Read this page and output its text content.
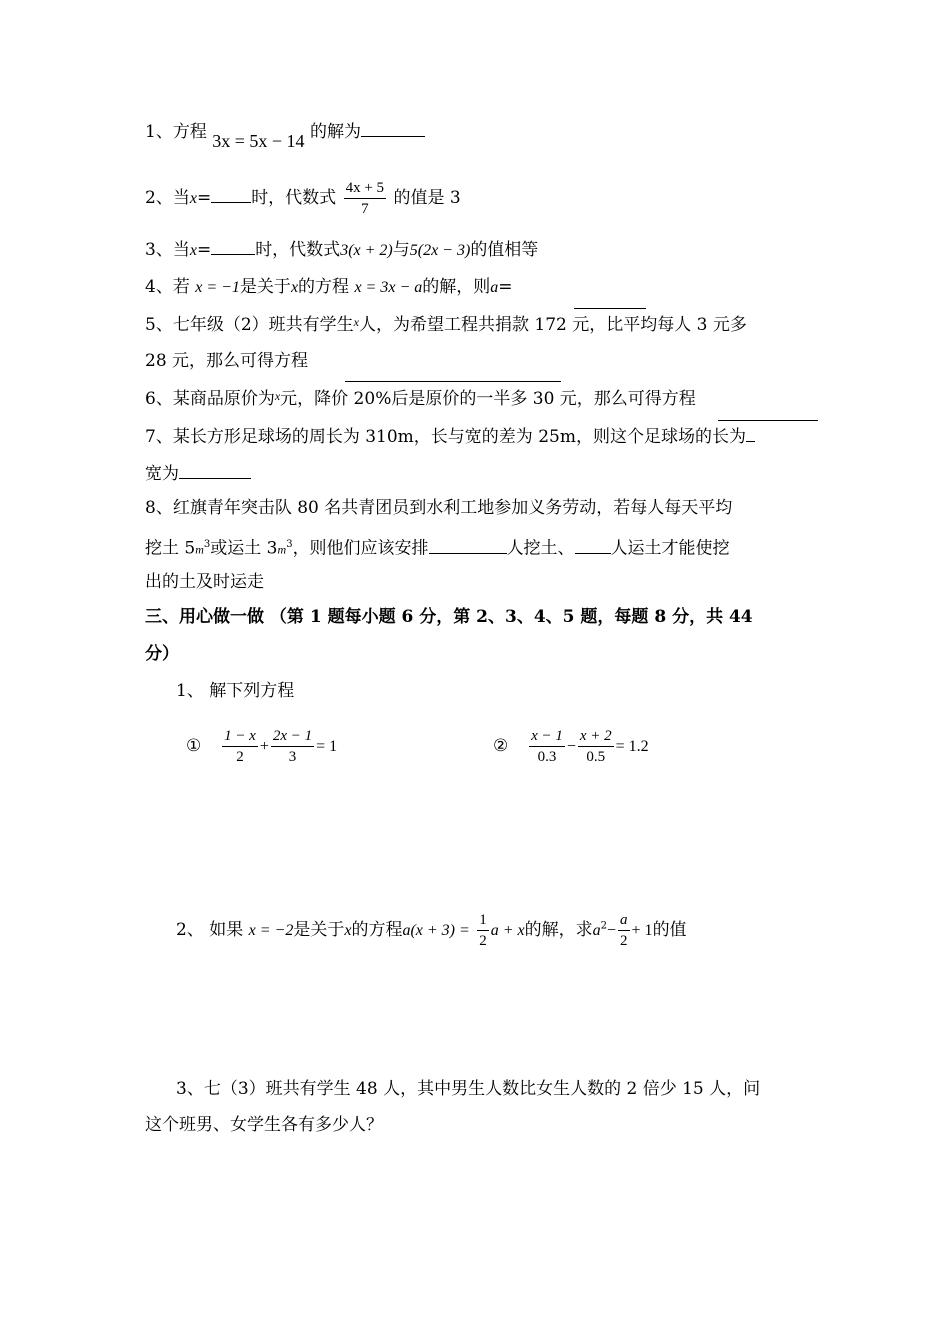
1、方程 3x = 5x − 14 的解为
2、当x= 时，代数式 $\frac{4x + 5}{7}$ 的值是 3
3、当x=	时，代数式3(x + 2)与5(2x − 3)的值相等
4、若 x = −1是关于x的方程 x = 3x − a的解，则a=
5、七年级（2）班共有学生$^x$人，为希望工程共捐款 172 元，比平均每人 3 元多
28 元，那么可得方程
6、某商品原价为$^x$元，降价 20%后是原价的一半多 30 元，那么可得方程
7、某长方形足球场的周长为 310m，长与宽的差为 25m，则这个足球场的长为
宽为
8、红旗青年突击队 80 名共青团员到水利工地参加义务劳动，若每人每天平均
挖土 $5m^3$或运土 $3m^3$，则他们应该安排	人挖土、 人运土才能使挖
出的土及时运走
三、用心做一做 （第 1 题每小题 6 分，第 2、3、4、5 题，每题 8 分，共 44
分）
1、 解下列方程
① $\frac{1 - x}{2} + \frac{2x - 1}{3} = 1$	② $\frac{x - 1}{0.3} - \frac{x + 2}{0.5} = 1.2$
2、 如果 x = −2是关于x的方程$a(x + 3) = \frac{1}{2}$ a + x的解，求$a^2- \frac{a}{2} + 1$的值
3、七（3）班共有学生 48 人，其中男生人数比女生人数的 2 倍少 15 人，问
这个班男、女学生各有多少人？
